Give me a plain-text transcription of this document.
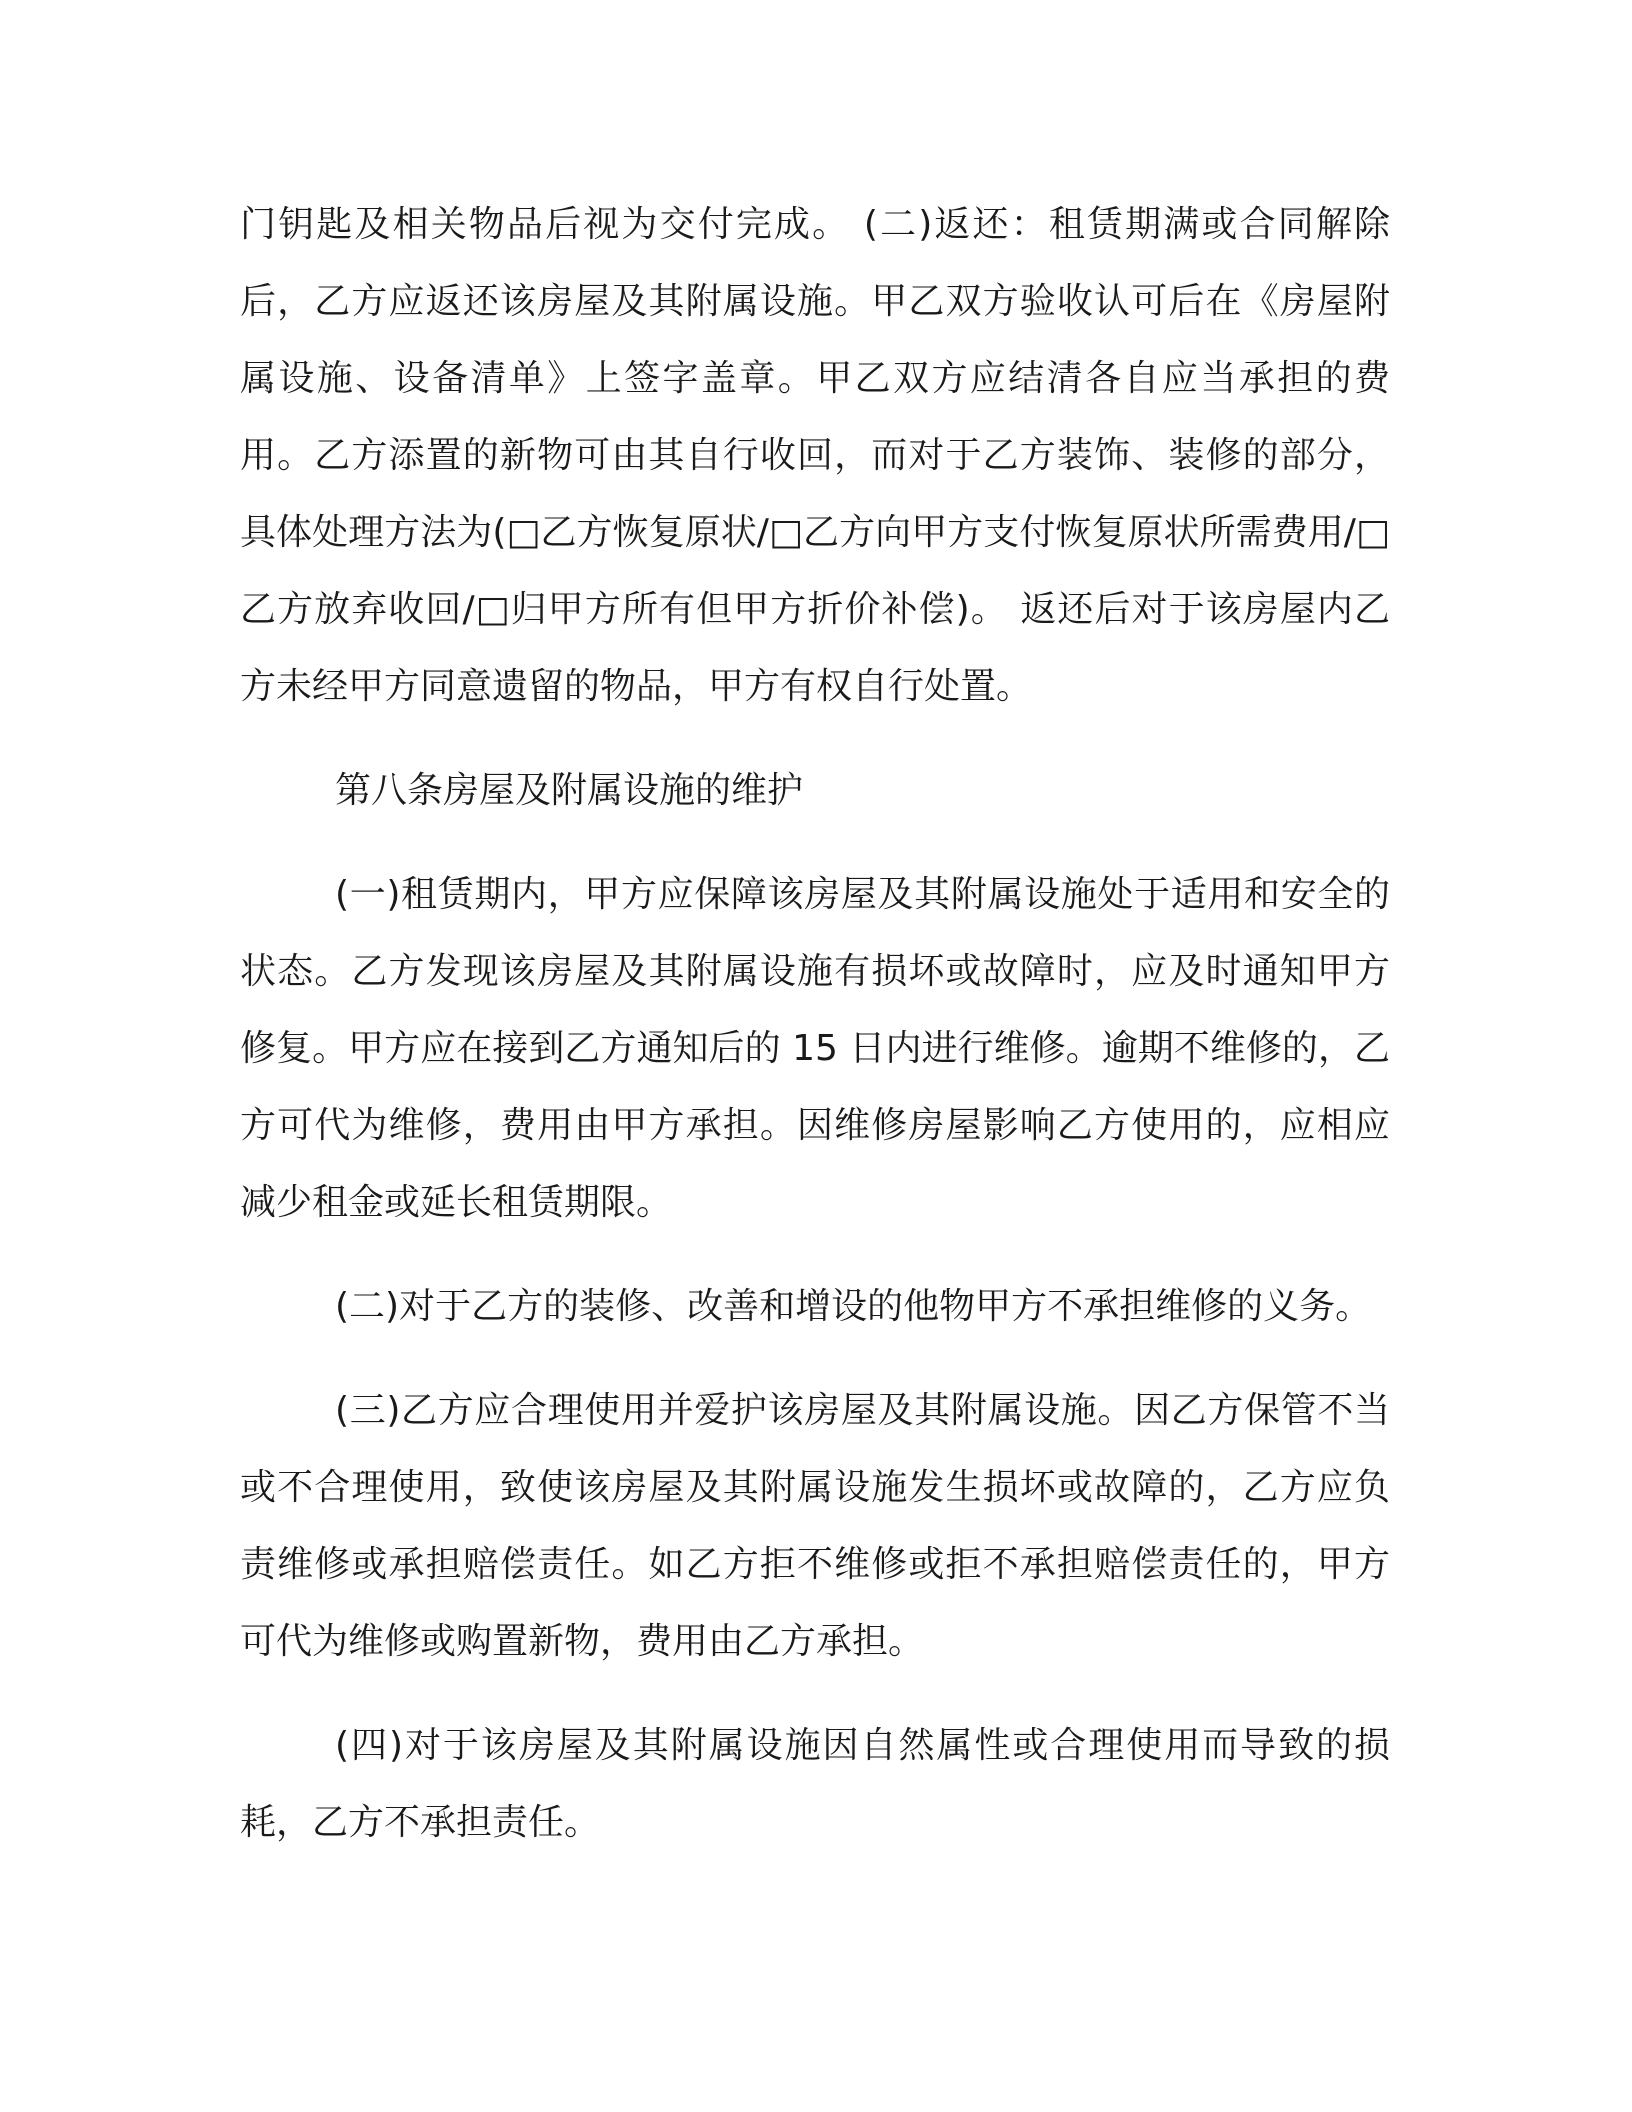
门钥匙及相关物品后视为交付完成。 (二)返还：租赁期满或合同解除后，乙方应返还该房屋及其附属设施。甲乙双方验收认可后在《房屋附属设施、设备清单》上签字盖章。甲乙双方应结清各自应当承担的费用。乙方添置的新物可由其自行收回，而对于乙方装饰、装修的部分，具体处理方法为(□乙方恢复原状/□乙方向甲方支付恢复原状所需费用/□乙方放弃收回/□归甲方所有但甲方折价补偿)。 返还后对于该房屋内乙方未经甲方同意遗留的物品，甲方有权自行处置。

第八条房屋及附属设施的维护

(一)租赁期内，甲方应保障该房屋及其附属设施处于适用和安全的状态。乙方发现该房屋及其附属设施有损坏或故障时，应及时通知甲方修复。甲方应在接到乙方通知后的 15 日内进行维修。逾期不维修的，乙方可代为维修，费用由甲方承担。因维修房屋影响乙方使用的，应相应减少租金或延长租赁期限。

(二)对于乙方的装修、改善和增设的他物甲方不承担维修的义务。

(三)乙方应合理使用并爱护该房屋及其附属设施。因乙方保管不当或不合理使用，致使该房屋及其附属设施发生损坏或故障的，乙方应负责维修或承担赔偿责任。如乙方拒不维修或拒不承担赔偿责任的，甲方可代为维修或购置新物，费用由乙方承担。

(四)对于该房屋及其附属设施因自然属性或合理使用而导致的损耗，乙方不承担责任。
